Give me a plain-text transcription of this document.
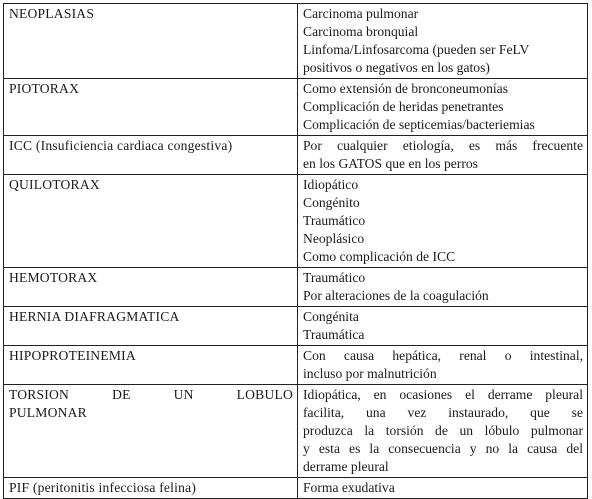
NEOPLASIAS	Carcinoma pulmonar
Carcinoma bronquial
Linfoma/Linfosarcoma (pueden ser FeLV
positivos o negativos en los gatos)

PIOTORAX	Como extensión de bronconeumonías
Complicación de heridas penetrantes
Complicación de septicemias/bacteriemias

ICC (Insuficiencia cardiaca congestiva)	Por cualquier etiología, es más frecuente
en los GATOS que en los perros

QUILOTORAX	Idiopático
Congénito
Traumático
Neoplásico
Como complicación de ICC

HEMOTORAX	Traumático
Por alteraciones de la coagulación

HERNIA DIAFRAGMATICA	Congénita
Traumática

HIPOPROTEINEMIA	Con causa hepática, renal o intestinal,
incluso por malnutrición

TORSION DE UN LOBULO PULMONAR	Idiopática, en ocasiones el derrame pleural
facilita, una vez instaurado, que se
produzca la torsión de un lóbulo pulmonar
y esta es la consecuencia y no la causa del
derrame pleural

PIF (peritonitis infecciosa felina)	Forma exudativa
